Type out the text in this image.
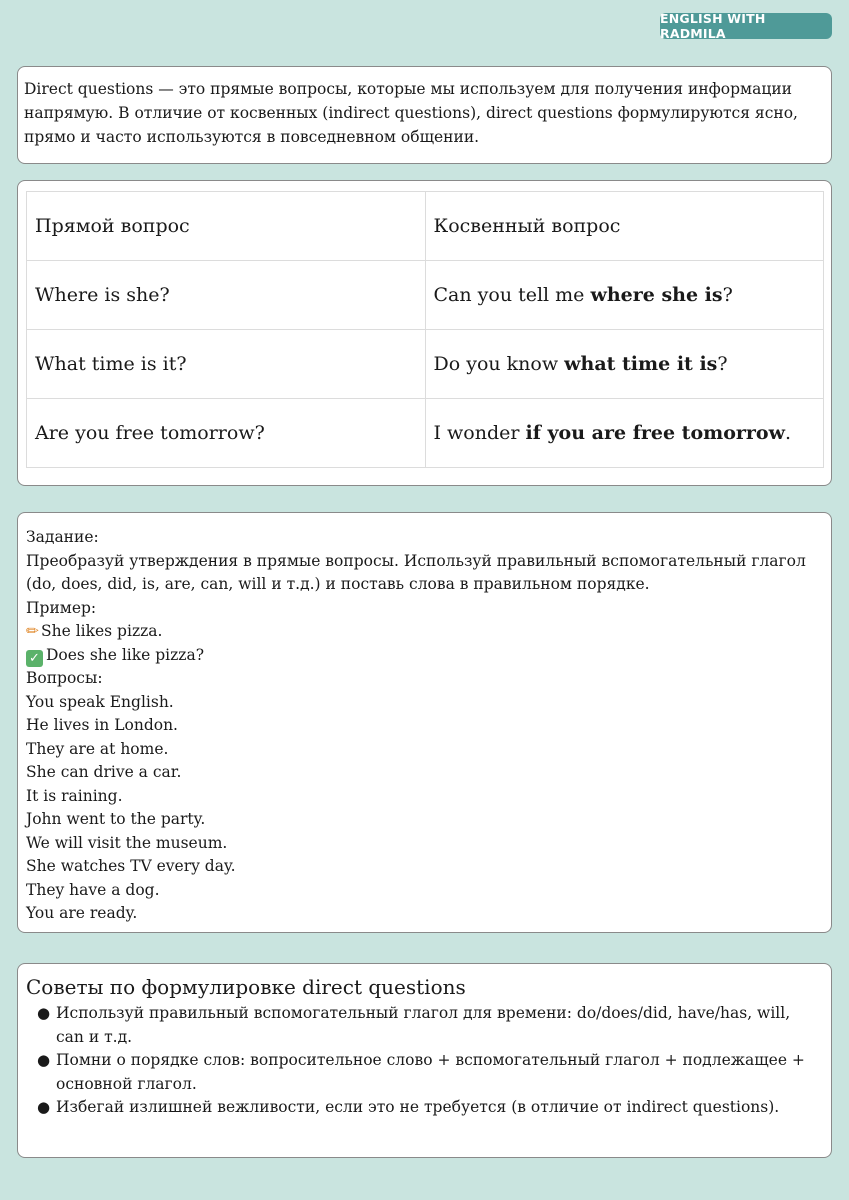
ENGLISH WITH RADMILA

Direct questions — это прямые вопросы, которые мы используем для получения информации напрямую. В отличие от косвенных (indirect questions), direct questions формулируются ясно, прямо и часто используются в повседневном общении.

Прямой вопрос	Косвенный вопрос
Where is she?	Can you tell me where she is?
What time is it?	Do you know what time it is?
Are you free tomorrow?	I wonder if you are free tomorrow.
Задание:
Преобразуй утверждения в прямые вопросы. Используй правильный вспомогательный глагол
(do, does, did, is, are, can, will и т.д.) и поставь слова в правильном порядке.
Пример:
✏ She likes pizza.
✓ Does she like pizza?
Вопросы:
You speak English.
He lives in London.
They are at home.
She can drive a car.
It is raining.
John went to the party.
We will visit the museum.
She watches TV every day.
They have a dog.
You are ready.
Советы по формулировке direct questions
● Используй правильный вспомогательный глагол для времени: do/does/did, have/has, will,
can и т.д.
● Помни о порядке слов: вопросительное слово + вспомогательный глагол + подлежащее +
основной глагол.
● Избегай излишней вежливости, если это не требуется (в отличие от indirect questions).
